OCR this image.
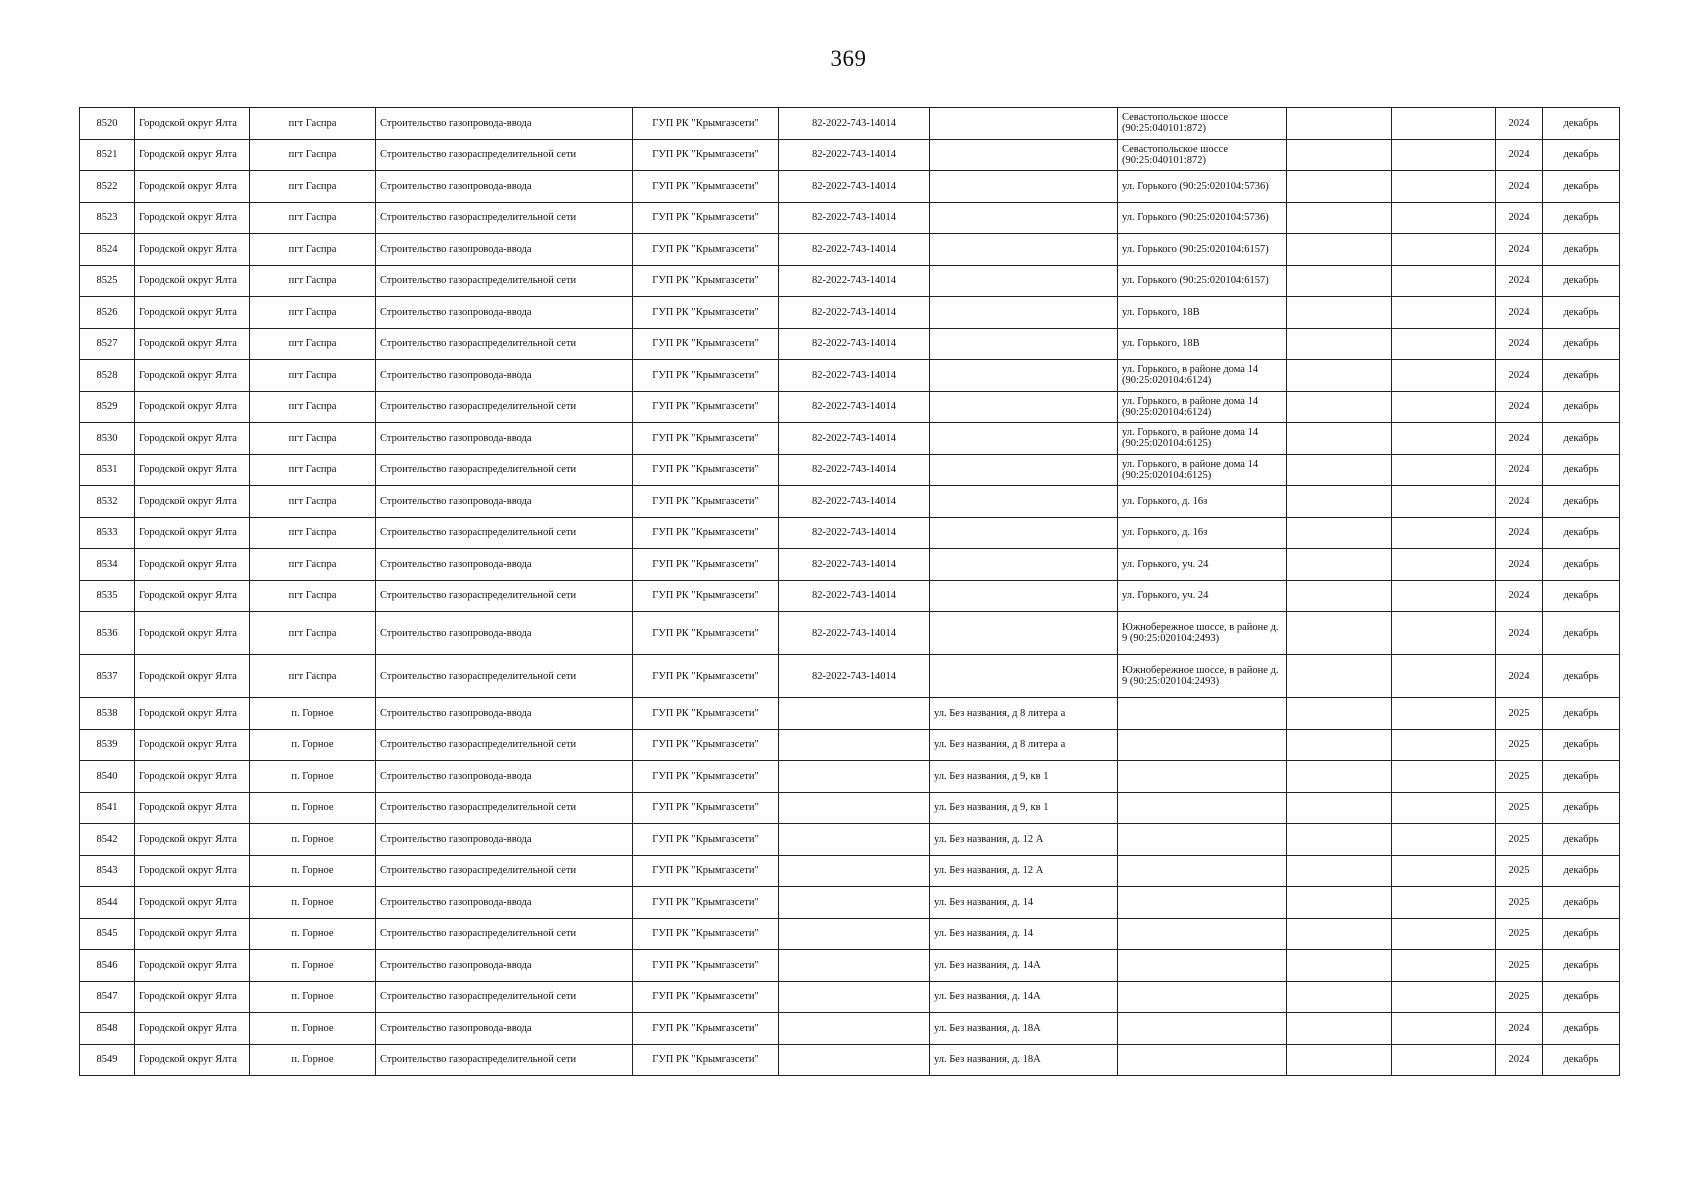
369
8520	Городской округ Ялта	пгт Гаспра	Строительство газопровода-ввода	ГУП РК "Крымгазсети"	82-2022-743-14014		Севастопольское шоссе (90:25:040101:872)			2024	декабрь
8521	Городской округ Ялта	пгт Гаспра	Строительство газораспределительной сети	ГУП РК "Крымгазсети"	82-2022-743-14014		Севастопольское шоссе (90:25:040101:872)			2024	декабрь
8522	Городской округ Ялта	пгт Гаспра	Строительство газопровода-ввода	ГУП РК "Крымгазсети"	82-2022-743-14014		ул. Горького (90:25:020104:5736)			2024	декабрь
8523	Городской округ Ялта	пгт Гаспра	Строительство газораспределительной сети	ГУП РК "Крымгазсети"	82-2022-743-14014		ул. Горького (90:25:020104:5736)			2024	декабрь
8524	Городской округ Ялта	пгт Гаспра	Строительство газопровода-ввода	ГУП РК "Крымгазсети"	82-2022-743-14014		ул. Горького (90:25:020104:6157)			2024	декабрь
8525	Городской округ Ялта	пгт Гаспра	Строительство газораспределительной сети	ГУП РК "Крымгазсети"	82-2022-743-14014		ул. Горького (90:25:020104:6157)			2024	декабрь
8526	Городской округ Ялта	пгт Гаспра	Строительство газопровода-ввода	ГУП РК "Крымгазсети"	82-2022-743-14014		ул. Горького, 18В			2024	декабрь
8527	Городской округ Ялта	пгт Гаспра	Строительство газораспределительной сети	ГУП РК "Крымгазсети"	82-2022-743-14014		ул. Горького, 18В			2024	декабрь
8528	Городской округ Ялта	пгт Гаспра	Строительство газопровода-ввода	ГУП РК "Крымгазсети"	82-2022-743-14014		ул. Горького, в районе дома 14 (90:25:020104:6124)			2024	декабрь
8529	Городской округ Ялта	пгт Гаспра	Строительство газораспределительной сети	ГУП РК "Крымгазсети"	82-2022-743-14014		ул. Горького, в районе дома 14 (90:25:020104:6124)			2024	декабрь
8530	Городской округ Ялта	пгт Гаспра	Строительство газопровода-ввода	ГУП РК "Крымгазсети"	82-2022-743-14014		ул. Горького, в районе дома 14 (90:25:020104:6125)			2024	декабрь
8531	Городской округ Ялта	пгт Гаспра	Строительство газораспределительной сети	ГУП РК "Крымгазсети"	82-2022-743-14014		ул. Горького, в районе дома 14 (90:25:020104:6125)			2024	декабрь
8532	Городской округ Ялта	пгт Гаспра	Строительство газопровода-ввода	ГУП РК "Крымгазсети"	82-2022-743-14014		ул. Горького, д. 16з			2024	декабрь
8533	Городской округ Ялта	пгт Гаспра	Строительство газораспределительной сети	ГУП РК "Крымгазсети"	82-2022-743-14014		ул. Горького, д. 16з			2024	декабрь
8534	Городской округ Ялта	пгт Гаспра	Строительство газопровода-ввода	ГУП РК "Крымгазсети"	82-2022-743-14014		ул. Горького, уч. 24			2024	декабрь
8535	Городской округ Ялта	пгт Гаспра	Строительство газораспределительной сети	ГУП РК "Крымгазсети"	82-2022-743-14014		ул. Горького, уч. 24			2024	декабрь
8536	Городской округ Ялта	пгт Гаспра	Строительство газопровода-ввода	ГУП РК "Крымгазсети"	82-2022-743-14014		Южнобережное шоссе, в районе д. 9 (90:25:020104:2493)			2024	декабрь
8537	Городской округ Ялта	пгт Гаспра	Строительство газораспределительной сети	ГУП РК "Крымгазсети"	82-2022-743-14014		Южнобережное шоссе, в районе д. 9 (90:25:020104:2493)			2024	декабрь
8538	Городской округ Ялта	п. Горное	Строительство газопровода-ввода	ГУП РК "Крымгазсети"		ул. Без названия, д 8 литера а				2025	декабрь
8539	Городской округ Ялта	п. Горное	Строительство газораспределительной сети	ГУП РК "Крымгазсети"		ул. Без названия, д 8 литера а				2025	декабрь
8540	Городской округ Ялта	п. Горное	Строительство газопровода-ввода	ГУП РК "Крымгазсети"		ул. Без названия, д 9, кв 1				2025	декабрь
8541	Городской округ Ялта	п. Горное	Строительство газораспределительной сети	ГУП РК "Крымгазсети"		ул. Без названия, д 9, кв 1				2025	декабрь
8542	Городской округ Ялта	п. Горное	Строительство газопровода-ввода	ГУП РК "Крымгазсети"		ул. Без названия, д. 12 А				2025	декабрь
8543	Городской округ Ялта	п. Горное	Строительство газораспределительной сети	ГУП РК "Крымгазсети"		ул. Без названия, д. 12 А				2025	декабрь
8544	Городской округ Ялта	п. Горное	Строительство газопровода-ввода	ГУП РК "Крымгазсети"		ул. Без названия, д. 14				2025	декабрь
8545	Городской округ Ялта	п. Горное	Строительство газораспределительной сети	ГУП РК "Крымгазсети"		ул. Без названия, д. 14				2025	декабрь
8546	Городской округ Ялта	п. Горное	Строительство газопровода-ввода	ГУП РК "Крымгазсети"		ул. Без названия, д. 14А				2025	декабрь
8547	Городской округ Ялта	п. Горное	Строительство газораспределительной сети	ГУП РК "Крымгазсети"		ул. Без названия, д. 14А				2025	декабрь
8548	Городской округ Ялта	п. Горное	Строительство газопровода-ввода	ГУП РК "Крымгазсети"		ул. Без названия, д. 18А				2024	декабрь
8549	Городской округ Ялта	п. Горное	Строительство газораспределительной сети	ГУП РК "Крымгазсети"		ул. Без названия, д. 18А				2024	декабрь
